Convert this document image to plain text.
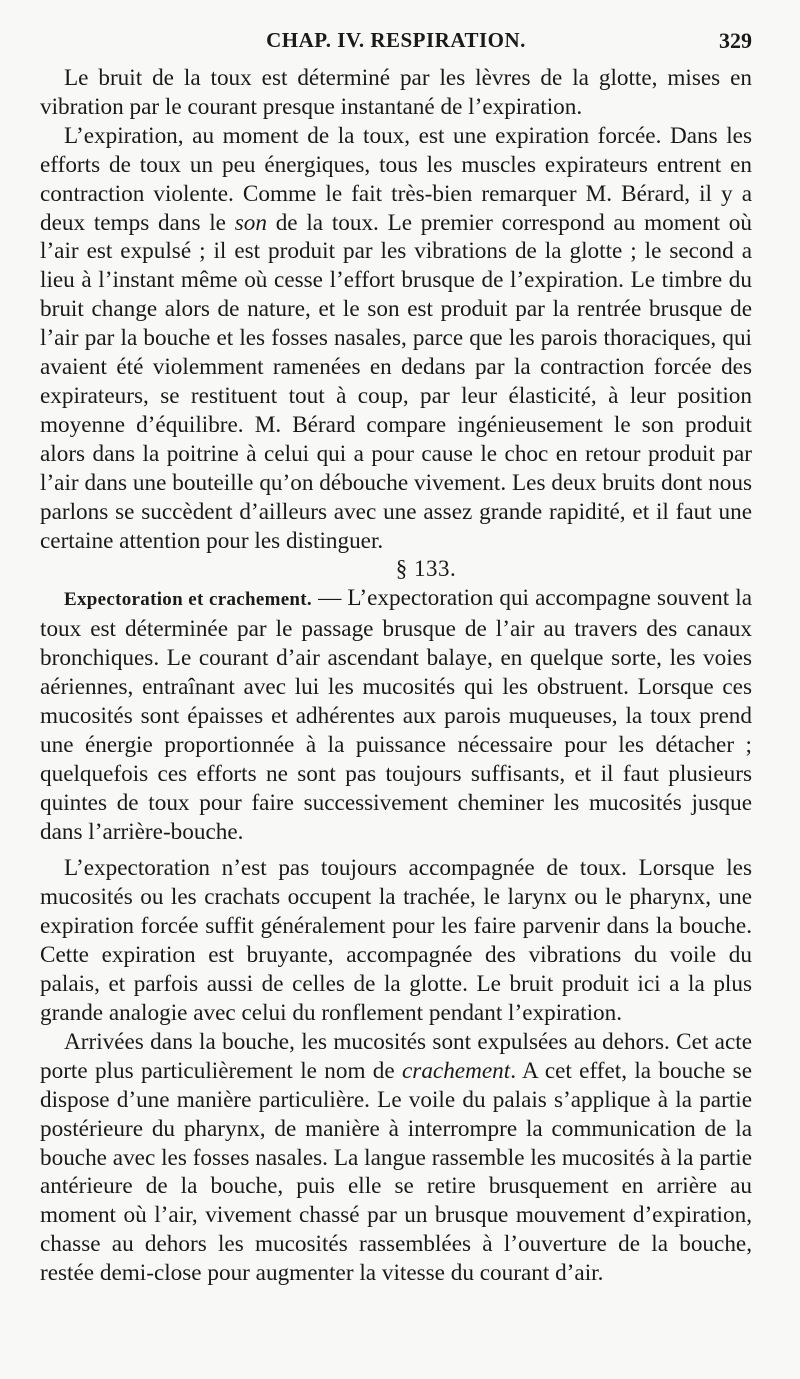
CHAP. IV. RESPIRATION.	329

Le bruit de la toux est déterminé par les lèvres de la glotte, mises en vibration par le courant presque instantané de l’expiration.

L’expiration, au moment de la toux, est une expiration forcée. Dans les efforts de toux un peu énergiques, tous les muscles expirateurs entrent en contraction violente. Comme le fait très-bien remarquer M. Bérard, il y a deux temps dans le son de la toux. Le premier correspond au moment où l’air est expulsé ; il est produit par les vibrations de la glotte ; le second a lieu à l’instant même où cesse l’effort brusque de l’expiration. Le timbre du bruit change alors de nature, et le son est produit par la rentrée brusque de l’air par la bouche et les fosses nasales, parce que les parois thoraciques, qui avaient été violemment ramenées en dedans par la contraction forcée des expirateurs, se restituent tout à coup, par leur élasticité, à leur position moyenne d’équilibre. M. Bérard compare ingénieusement le son produit alors dans la poitrine à celui qui a pour cause le choc en retour produit par l’air dans une bouteille qu’on débouche vivement. Les deux bruits dont nous parlons se succèdent d’ailleurs avec une assez grande rapidité, et il faut une certaine attention pour les distinguer.

§ 133.

Expectoration et crachement. — L’expectoration qui accompagne souvent la toux est déterminée par le passage brusque de l’air au travers des canaux bronchiques. Le courant d’air ascendant balaye, en quelque sorte, les voies aériennes, entraînant avec lui les mucosités qui les obstruent. Lorsque ces mucosités sont épaisses et adhérentes aux parois muqueuses, la toux prend une énergie proportionnée à la puissance nécessaire pour les détacher ; quelquefois ces efforts ne sont pas toujours suffisants, et il faut plusieurs quintes de toux pour faire successivement cheminer les mucosités jusque dans l’arrière-bouche.

L’expectoration n’est pas toujours accompagnée de toux. Lorsque les mucosités ou les crachats occupent la trachée, le larynx ou le pharynx, une expiration forcée suffit généralement pour les faire parvenir dans la bouche. Cette expiration est bruyante, accompagnée des vibrations du voile du palais, et parfois aussi de celles de la glotte. Le bruit produit ici a la plus grande analogie avec celui du ronflement pendant l’expiration.

Arrivées dans la bouche, les mucosités sont expulsées au dehors. Cet acte porte plus particulièrement le nom de crachement. A cet effet, la bouche se dispose d’une manière particulière. Le voile du palais s’applique à la partie postérieure du pharynx, de manière à interrompre la communication de la bouche avec les fosses nasales. La langue rassemble les mucosités à la partie antérieure de la bouche, puis elle se retire brusquement en arrière au moment où l’air, vivement chassé par un brusque mouvement d’expiration, chasse au dehors les mucosités rassemblées à l’ouverture de la bouche, restée demi-close pour augmenter la vitesse du courant d’air.
